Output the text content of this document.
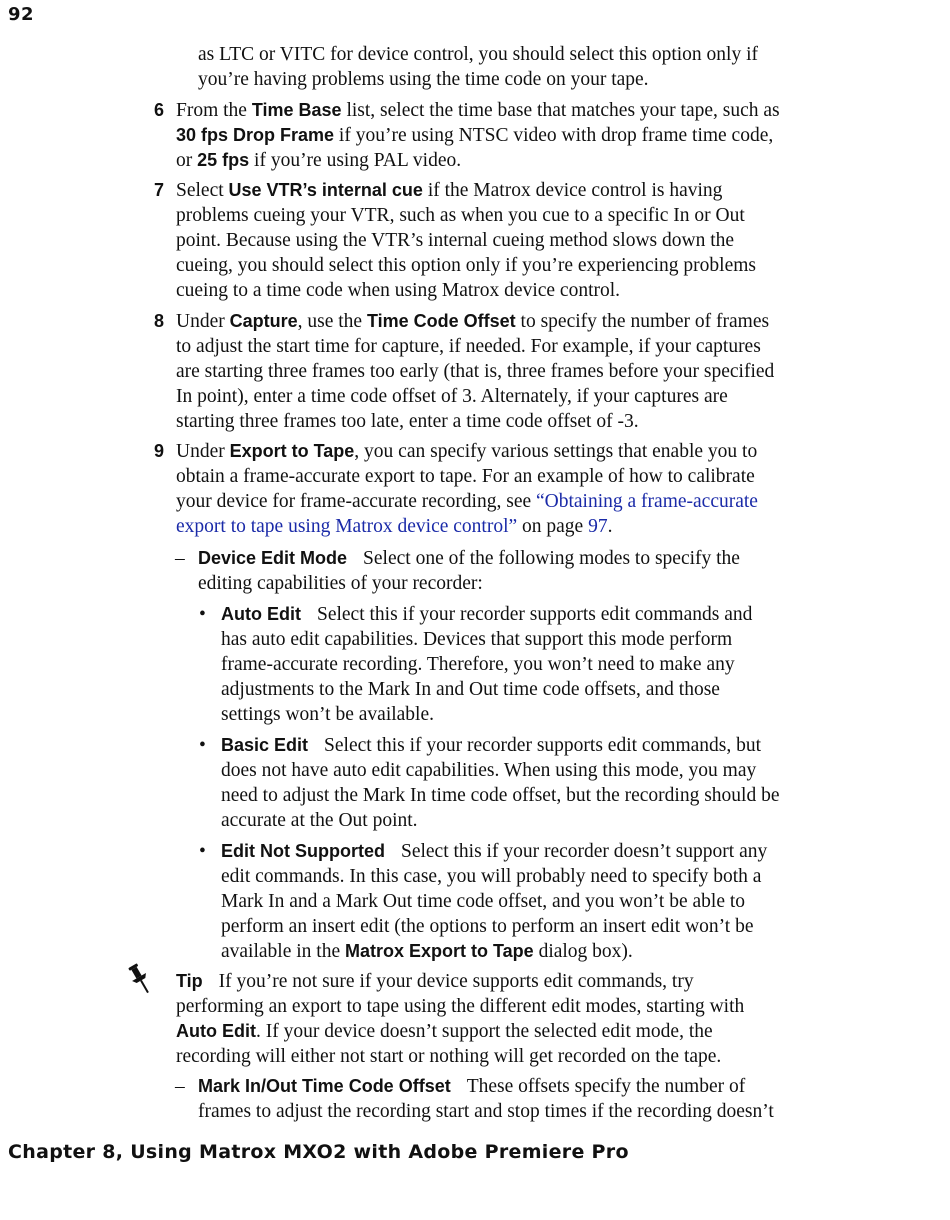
92
as LTC or VITC for device control, you should select this option only if
you’re having problems using the time code on your tape.
6 From the Time Base list, select the time base that matches your tape, such as
30 fps Drop Frame if you’re using NTSC video with drop frame time code,
or 25 fps if you’re using PAL video.
7 Select Use VTR’s internal cue if the Matrox device control is having
problems cueing your VTR, such as when you cue to a specific In or Out
point. Because using the VTR’s internal cueing method slows down the
cueing, you should select this option only if you’re experiencing problems
cueing to a time code when using Matrox device control.
8 Under Capture, use the Time Code Offset to specify the number of frames
to adjust the start time for capture, if needed. For example, if your captures
are starting three frames too early (that is, three frames before your specified
In point), enter a time code offset of 3. Alternately, if your captures are
starting three frames too late, enter a time code offset of -3.
9 Under Export to Tape, you can specify various settings that enable you to
obtain a frame-accurate export to tape. For an example of how to calibrate
your device for frame-accurate recording, see “Obtaining a frame-accurate
export to tape using Matrox device control” on page 97.
– Device Edit Mode Select one of the following modes to specify the
editing capabilities of your recorder:
• Auto Edit Select this if your recorder supports edit commands and
has auto edit capabilities. Devices that support this mode perform
frame-accurate recording. Therefore, you won’t need to make any
adjustments to the Mark In and Out time code offsets, and those
settings won’t be available.
• Basic Edit Select this if your recorder supports edit commands, but
does not have auto edit capabilities. When using this mode, you may
need to adjust the Mark In time code offset, but the recording should be
accurate at the Out point.
• Edit Not Supported Select this if your recorder doesn’t support any
edit commands. In this case, you will probably need to specify both a
Mark In and a Mark Out time code offset, and you won’t be able to
perform an insert edit (the options to perform an insert edit won’t be
available in the Matrox Export to Tape dialog box).
Tip If you’re not sure if your device supports edit commands, try
performing an export to tape using the different edit modes, starting with
Auto Edit. If your device doesn’t support the selected edit mode, the
recording will either not start or nothing will get recorded on the tape.
– Mark In/Out Time Code Offset These offsets specify the number of
frames to adjust the recording start and stop times if the recording doesn’t
Chapter 8, Using Matrox MXO2 with Adobe Premiere Pro
